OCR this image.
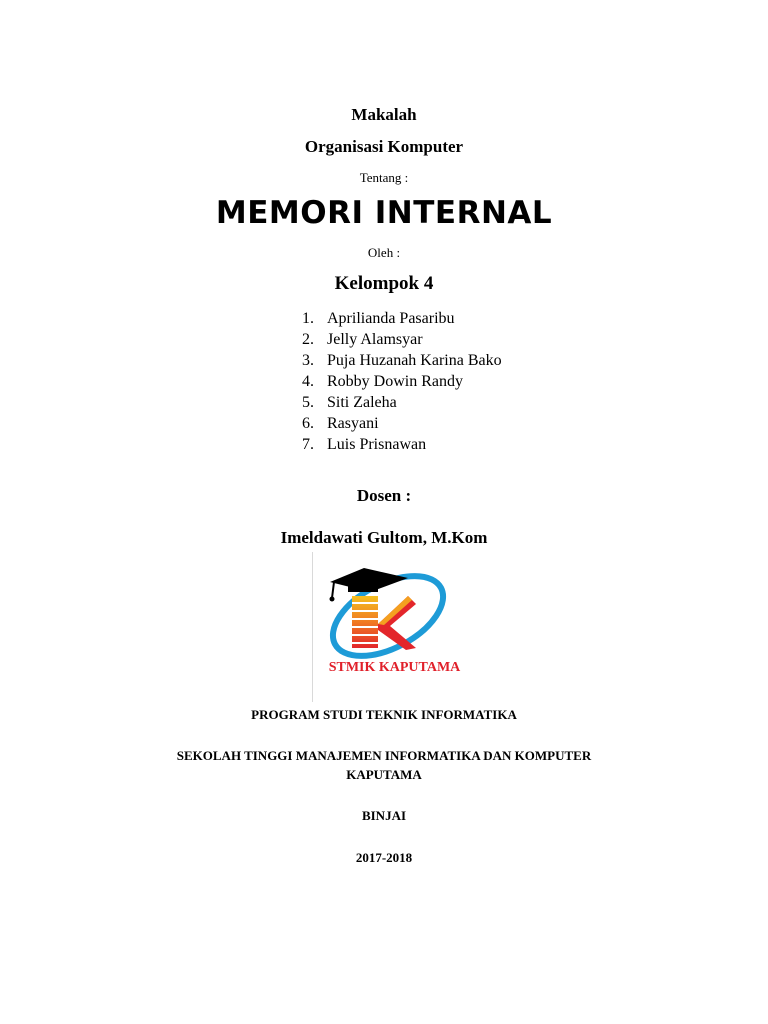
Makalah
Organisasi Komputer
Tentang :
MEMORI INTERNAL
Oleh :
Kelompok 4
1. Aprilianda Pasaribu
2. Jelly Alamsyar
3. Puja Huzanah Karina Bako
4. Robby Dowin Randy
5. Siti Zaleha
6. Rasyani
7. Luis Prisnawan
Dosen :
Imeldawati Gultom, M.Kom
STMIK KAPUTAMA
PROGRAM STUDI TEKNIK INFORMATIKA
SEKOLAH TINGGI MANAJEMEN INFORMATIKA DAN KOMPUTER
KAPUTAMA
BINJAI
2017-2018
